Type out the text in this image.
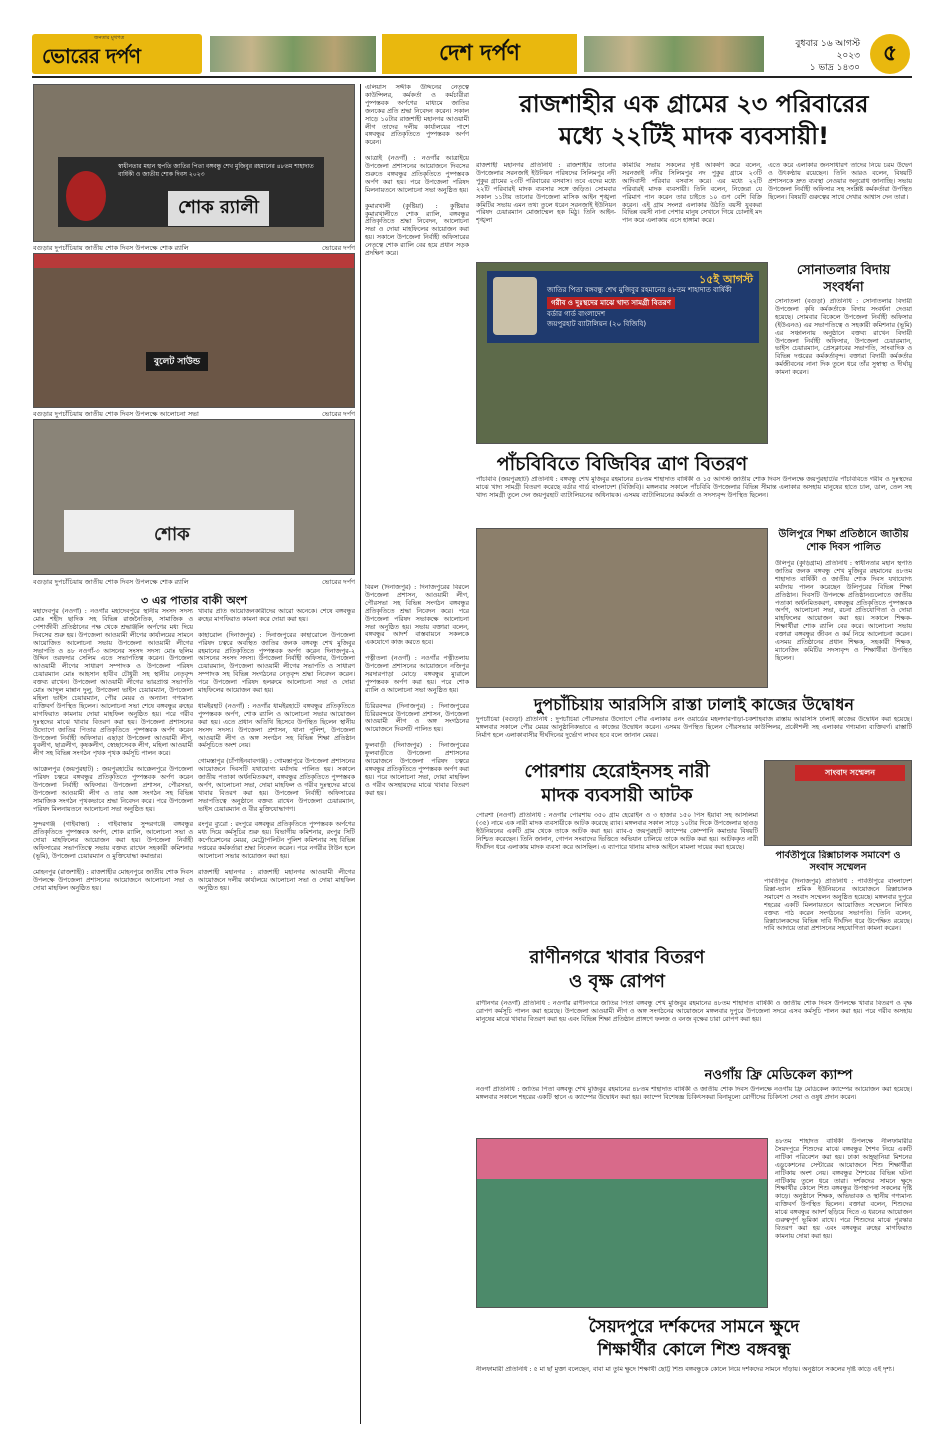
জনতার মুখপত্র
ভোরের দর্পণ	দেশ দর্পণ	বুধবার ১৬ আগস্ট ২০২৩
১ ভাদ্র ১৪৩০
৫
স্বাধীনতার মহান স্থপতি জাতির পিতা বঙ্গবন্ধু শেখ মুজিবুর রহমানের ৪৮তম শাহাদাত বার্ষিকী ও জাতীয় শোক দিবস ২০২৩
শোক র‍্যালী
বগুড়ার দুপচাঁচিয়ায় জাতীয় শোক দিবস উপলক্ষে শোক র‍্যালি	ভোরের দর্পণ
বুলেট সাউন্ড
বগুড়ার দুপচাঁচিয়ায় জাতীয় শোক দিবস উপলক্ষে আলোচনা সভা	ভোরের দর্পণ
শোক
বগুড়ার দুপচাঁচিয়ায় জাতীয় শোক দিবস উপলক্ষে শোক র‍্যালি	ভোরের দর্পণ
৩ এর পাতার বাকী অংশ
মহাদেবপুর (নওগাঁ) : নওগাঁর মহাদেবপুরে স্থানীয় সংসদ সদস্য মোঃ শহীদ ছাদিক সহ বিভিন্ন রাজনৈতিক, সামাজিক ও পেশাজীবী প্রতিষ্ঠানের পক্ষ থেকে শ্রদ্ধাঞ্জলি অর্পণের মধ্য দিয়ে দিবসের শুরু হয়। উপজেলা আওয়ামী লীগের কার্যালয়ের সামনে আয়োজিত আলোচনা সভায় উপজেলা আওয়ামী লীগের সভাপতি ও ৪৮ নওগাঁ-৩ আসনের সংসদ সদস্য মোঃ ছলিম উদ্দিন তরফদার সেলিম এতে সভাপতিত্ব করেন। উপজেলা আওয়ামী লীগের সাধারণ সম্পাদক ও উপজেলা পরিষদ চেয়ারম্যান মোঃ আহসান হাবীব চৌধুরী সহ স্থানীয় নেতৃবৃন্দ বক্তব্য রাখেন। উপজেলা আওয়ামী লীগের ভারপ্রাপ্ত সভাপতি মোঃ আব্দুল মান্নান দুলু, উপজেলা ভাইস চেয়ারম্যান, উপজেলা মহিলা ভাইস চেয়ারম্যান, পৌর মেয়র ও অন্যান্য গণ্যমান্য ব্যক্তিবর্গ উপস্থিত ছিলেন। আলোচনা সভা শেষে বঙ্গবন্ধুর রুহের মাগফিরাত কামনায় দোয়া মাহফিল অনুষ্ঠিত হয়। পরে গরীব দুঃস্থদের মাঝে খাবার বিতরণ করা হয়। উপজেলা প্রশাসনের উদ্যোগে জাতির পিতার প্রতিকৃতিতে পুষ্পস্তবক অর্পণ করেন উপজেলা নির্বাহী অফিসার। এছাড়া উপজেলা আওয়ামী লীগ, যুবলীগ, ছাত্রলীগ, কৃষকলীগ, স্বেচ্ছাসেবক লীগ, মহিলা আওয়ামী লীগ সহ বিভিন্ন সংগঠন পৃথক পৃথক কর্মসূচি পালন করে।

আক্কেলপুর (জয়পুরহাট) : জয়পুরহাটের আক্কেলপুরে উপজেলা পরিষদ চত্বরে বঙ্গবন্ধুর প্রতিকৃতিতে পুষ্পস্তবক অর্পণ করেন উপজেলা নির্বাহী অফিসার। উপজেলা প্রশাসন, পৌরসভা, উপজেলা আওয়ামী লীগ ও তার অঙ্গ সংগঠন সহ বিভিন্ন সামাজিক সংগঠন পৃথকভাবে শ্রদ্ধা নিবেদন করে। পরে উপজেলা পরিষদ মিলনায়তনে আলোচনা সভা অনুষ্ঠিত হয়।

সুন্দরগঞ্জ (গাইবান্ধা) : গাইবান্ধার সুন্দরগঞ্জে বঙ্গবন্ধুর প্রতিকৃতিতে পুষ্পস্তবক অর্পণ, শোক র‍্যালি, আলোচনা সভা ও দোয়া মাহফিলের আয়োজন করা হয়। উপজেলা নির্বাহী অফিসারের সভাপতিত্বে সভায় বক্তব্য রাখেন সহকারী কমিশনার (ভূমি), উপজেলা চেয়ারম্যান ও মুক্তিযোদ্ধা কমান্ডার।

মোহনপুর (রাজশাহী) : রাজশাহীর মোহনপুরে জাতীয় শোক দিবস উপলক্ষে উপজেলা প্রশাসনের আয়োজনে আলোচনা সভা ও দোয়া মাহফিল অনুষ্ঠিত হয়।
খাবার প্রতি আয়োজনকারীদের আরো অনেকে। শেষে বঙ্গবন্ধুর রুহের মাগফিরাত কামনা করে দোয়া করা হয়।

কাহারোল (দিনাজপুর) : দিনাজপুরের কাহারোলে উপজেলা পরিষদ চত্বরে অবস্থিত জাতির জনক বঙ্গবন্ধু শেখ মুজিবুর রহমানের প্রতিকৃতিতে পুষ্পস্তবক অর্পণ করেন দিনাজপুর-২ আসনের সংসদ সদস্য। উপজেলা নির্বাহী অফিসার, উপজেলা চেয়ারম্যান, উপজেলা আওয়ামী লীগের সভাপতি ও সাধারণ সম্পাদক সহ বিভিন্ন সংগঠনের নেতৃবৃন্দ শ্রদ্ধা নিবেদন করেন। পরে উপজেলা পরিষদ হলরুমে আলোচনা সভা ও দোয়া মাহফিলের আয়োজন করা হয়।

ধামইরহাট (নওগাঁ) : নওগাঁর ধামইরহাটে বঙ্গবন্ধুর প্রতিকৃতিতে পুষ্পস্তবক অর্পণ, শোক র‍্যালি ও আলোচনা সভার আয়োজন করা হয়। এতে প্রধান অতিথি হিসেবে উপস্থিত ছিলেন স্থানীয় সংসদ সদস্য। উপজেলা প্রশাসন, থানা পুলিশ, উপজেলা আওয়ামী লীগ ও অঙ্গ সংগঠন সহ বিভিন্ন শিক্ষা প্রতিষ্ঠান কর্মসূচিতে অংশ নেয়।

গোমস্তাপুর (চাঁপাইনবাবগঞ্জ) : গোমস্তাপুরে উপজেলা প্রশাসনের আয়োজনে দিবসটি যথাযোগ্য মর্যাদায় পালিত হয়। সকালে জাতীয় পতাকা অর্ধনমিতকরণ, বঙ্গবন্ধুর প্রতিকৃতিতে পুষ্পস্তবক অর্পণ, আলোচনা সভা, দোয়া মাহফিল ও গরীব দুঃস্থদের মাঝে খাবার বিতরণ করা হয়। উপজেলা নির্বাহী অফিসারের সভাপতিত্বে অনুষ্ঠানে বক্তব্য রাখেন উপজেলা চেয়ারম্যান, ভাইস চেয়ারম্যান ও বীর মুক্তিযোদ্ধাগণ।

রংপুর ব্যুরো : রংপুরে বঙ্গবন্ধুর প্রতিকৃতিতে পুষ্পস্তবক অর্পণের মধ্য দিয়ে কর্মসূচির শুরু হয়। বিভাগীয় কমিশনার, রংপুর সিটি কর্পোরেশনের মেয়র, মেট্রোপলিটন পুলিশ কমিশনার সহ বিভিন্ন দপ্তরের কর্মকর্তারা শ্রদ্ধা নিবেদন করেন। পরে নগরীর টাউন হলে আলোচনা সভার আয়োজন করা হয়।

রাজশাহী মহানগর : রাজশাহী মহানগর আওয়ামী লীগের আয়োজনে দলীয় কার্যালয়ে আলোচনা সভা ও দোয়া মাহফিল অনুষ্ঠিত হয়।
এলিয়াস সদ্দীক উদ্দিনের নেতৃত্বে কাউন্সিলর, কর্মকর্তা ও কর্মচারীরা পুষ্পস্তবক অর্পণের মাধ্যমে জাতির জনকের প্রতি শ্রদ্ধা নিবেদন করেন। সকাল সাড়ে ১০টার রাজশাহী মহানগর আওয়ামী লীগ তাদের দলীয় কার্যালয়ের পাশে বঙ্গবন্ধুর প্রতিকৃতিতে পুষ্পস্তবক অর্পণ করেন।

আত্রাই (নওগাঁ) : নওগাঁর আত্রাইয়ে উপজেলা প্রশাসনের আয়োজনে দিবসের শুরুতে বঙ্গবন্ধুর প্রতিকৃতিতে পুষ্পস্তবক অর্পণ করা হয়। পরে উপজেলা পরিষদ মিলনায়তনে আলোচনা সভা অনুষ্ঠিত হয়।

কুমারখালী (কুষ্টিয়া) : কুষ্টিয়ার কুমারখালীতে শোক র‍্যালি, বঙ্গবন্ধুর প্রতিকৃতিতে শ্রদ্ধা নিবেদন, আলোচনা সভা ও দোয়া মাহফিলের আয়োজন করা হয়। সকালে উপজেলা নির্বাহী অফিসারের নেতৃত্বে শোক র‍্যালি বের হয়ে প্রধান সড়ক প্রদক্ষিণ করে।
বিরল (দিনাজপুর) : দিনাজপুরের বিরলে উপজেলা প্রশাসন, আওয়ামী লীগ, পৌরসভা সহ বিভিন্ন সংগঠন বঙ্গবন্ধুর প্রতিকৃতিতে শ্রদ্ধা নিবেদন করে। পরে উপজেলা পরিষদ সভাকক্ষে আলোচনা সভা অনুষ্ঠিত হয়। সভায় বক্তারা বলেন, বঙ্গবন্ধুর আদর্শ বাস্তবায়নে সকলকে একযোগে কাজ করতে হবে।

পত্নীতলা (নওগাঁ) : নওগাঁর পত্নীতলায় উপজেলা প্রশাসনের আয়োজনে নজিপুর সরদারপাড়া মোড়ে বঙ্গবন্ধুর ম্যুরালে পুষ্পস্তবক অর্পণ করা হয়। পরে শোক র‍্যালি ও আলোচনা সভা অনুষ্ঠিত হয়।

চিরিরবন্দর (দিনাজপুর) : দিনাজপুরের চিরিরবন্দরে উপজেলা প্রশাসন, উপজেলা আওয়ামী লীগ ও অঙ্গ সংগঠনের আয়োজনে দিবসটি পালিত হয়।

ফুলবাড়ী (দিনাজপুর) : দিনাজপুরের ফুলবাড়ীতে উপজেলা প্রশাসনের আয়োজনে উপজেলা পরিষদ চত্বরে বঙ্গবন্ধুর প্রতিকৃতিতে পুষ্পস্তবক অর্পণ করা হয়। পরে আলোচনা সভা, দোয়া মাহফিল ও গরীব অসহায়দের মাঝে খাবার বিতরণ করা হয়।
রাজশাহীর এক গ্রামের ২৩ পরিবারের
মধ্যে ২২টিই মাদক ব্যবসায়ী!
রাজশাহী মহানগর প্রতিনিধি : রাজশাহীর তানোর উপজেলার সরনজাই ইউনিয়ন পরিষদের সিলিমপুর নদী পুকুর গ্রামের ২৩টি পরিবারের বসবাস। তবে এদের মধ্যে ২২টি পরিবারই মাদক ব্যবসার সঙ্গে জড়িত। সোমবার সকাল ১১টায় তানোর উপজেলা মাসিক আইন শৃঙ্খলা কমিটির সভায় এমন তথ্য তুলে ধরেন সরনজাই ইউনিয়ন পরিষদ চেয়ারম্যান মোজাম্মেল হক মিঠু। তিনি আইন-শৃঙ্খলা
কমিটির সভায় সকলের দৃষ্টি আকর্ষণ করে বলেন, সরনজাই নদীর সিলিমপুর নদ পুকুর গ্রামে ২৩টি আদিবাসী পরিবার বসবাস করে। এর মধ্যে ২২টি পরিবারই মাদক ব্যবসায়ী। তিনি বলেন, নিজেরা যে পরিমাণ পান করেন তার চাইতে ১০ গুণ বেশি বিক্রি করেন। এই গ্রাম সংলগ্ন এলাকার উঠতি বয়সী যুবকরা বিভিন্ন বয়সী নানা পেশার মানুষ সেখানে গিয়ে চোলাই মদ পান করে এলাকায় এসে হাঙ্গামা করে।
এতে করে এলাকার জনসাধারণ তাদের নিয়ে চরম উদ্বেগ ও উৎকণ্ঠায় রয়েছেন। তিনি আরও বলেন, বিষয়টি প্রশাসনকে দ্রুত ব্যবস্থা নেওয়ার অনুরোধ জানাচ্ছি। সভায় উপজেলা নির্বাহী অফিসার সহ সংশ্লিষ্ট কর্মকর্তারা উপস্থিত ছিলেন। বিষয়টি গুরুত্বের সাথে দেখার আশ্বাস দেন তারা।
১৫ই আগস্ট
জাতির পিতা বঙ্গবন্ধু শেখ মুজিবুর রহমানের ৪৮তম শাহাদাত বার্ষিকী
গরীব ও দুঃস্থদের মাঝে খাদ্য সামগ্রী বিতরণ
বর্ডার গার্ড বাংলাদেশ
জয়পুরহাট ব্যাটালিয়ন (২০ বিজিবি)
পাঁচবিবিতে বিজিবির ত্রাণ বিতরণ
পাঁচবিবি (জয়পুরহাট) প্রতিনিধি : বঙ্গবন্ধু শেখ মুজিবুর রহমানের ৪৮তম শাহাদাত বার্ষিকী ও ১৫ আগস্ট জাতীয় শোক দিবস উপলক্ষে জয়পুরহাটের পাঁচবিবিতে গরীব ও দুঃস্থদের মাঝে খাদ্য সামগ্রী বিতরণ করেছে বর্ডার গার্ড বাংলাদেশ (বিজিবি)। মঙ্গলবার সকালে পাঁচবিবি উপজেলার বিভিন্ন সীমান্ত এলাকার অসহায় মানুষের হাতে চাল, ডাল, তেল সহ খাদ্য সামগ্রী তুলে দেন জয়পুরহাট ব্যাটালিয়নের অধিনায়ক। এসময় ব্যাটালিয়নের কর্মকর্তা ও সদস্যবৃন্দ উপস্থিত ছিলেন।
সোনাতলার বিদায় সংবর্ধনা
সোনাতলা (বগুড়া) প্রতিনিধি : সোনাতলার বিদায়ী উপজেলা কৃষি কর্মকর্তাকে বিদায় সংবর্ধনা দেওয়া হয়েছে। সোমবার বিকেলে উপজেলা নির্বাহী অফিসার (ইউএনও) এর সভাপতিত্বে ও সহকারী কমিশনার (ভূমি) এর সঞ্চালনায় অনুষ্ঠানে বক্তব্য রাখেন বিদায়ী উপজেলা নির্বাহী অফিসার, উপজেলা চেয়ারম্যান, ভাইস চেয়ারম্যান, প্রেসক্লাবের সভাপতি, সাংবাদিক ও বিভিন্ন দপ্তরের কর্মকর্তাবৃন্দ। বক্তারা বিদায়ী কর্মকর্তার কর্মজীবনের নানা দিক তুলে ধরে তাঁর সুস্বাস্থ্য ও দীর্ঘায়ু কামনা করেন।
উলিপুরে শিক্ষা প্রতিষ্ঠানে জাতীয় শোক দিবস পালিত
উলিপুর (কুড়িগ্রাম) প্রতিনিধি : স্বাধীনতার মহান স্থপতি জাতির জনক বঙ্গবন্ধু শেখ মুজিবুর রহমানের ৪৮তম শাহাদাত বার্ষিকী ও জাতীয় শোক দিবস যথাযোগ্য মর্যাদায় পালন করেছেন উলিপুরের বিভিন্ন শিক্ষা প্রতিষ্ঠান। দিবসটি উপলক্ষে প্রতিষ্ঠানগুলোতে জাতীয় পতাকা অর্ধনমিতকরণ, বঙ্গবন্ধুর প্রতিকৃতিতে পুষ্পস্তবক অর্পণ, আলোচনা সভা, রচনা প্রতিযোগিতা ও দোয়া মাহফিলের আয়োজন করা হয়। সকালে শিক্ষক-শিক্ষার্থীরা শোক র‍্যালি বের করে। আলোচনা সভায় বক্তারা বঙ্গবন্ধুর জীবন ও কর্ম নিয়ে আলোচনা করেন। এসময় প্রতিষ্ঠানের প্রধান শিক্ষক, সহকারী শিক্ষক, ম্যানেজিং কমিটির সদস্যবৃন্দ ও শিক্ষার্থীরা উপস্থিত ছিলেন।
দুপচাঁচিয়ায় আরসিসি রাস্তা ঢালাই কাজের উদ্বোধন
দুপচাঁচিয়া (বগুড়া) প্রতিনিধি : দুপচাঁচিয়া পৌরসভার উদ্যোগে পৌর এলাকার ৪নং ওয়ার্ডের মহলদারপাড়া-চকশাহবাজ রাস্তায় আরসিসি ঢালাই কাজের উদ্বোধন করা হয়েছে। মঙ্গলবার সকালে পৌর মেয়র আনুষ্ঠানিকভাবে এ কাজের উদ্বোধন করেন। এসময় উপস্থিত ছিলেন পৌরসভার কাউন্সিলর, প্রকৌশলী সহ এলাকার গণ্যমান্য ব্যক্তিবর্গ। রাস্তাটি নির্মাণ হলে এলাকাবাসীর দীর্ঘদিনের দুর্ভোগ লাঘব হবে বলে জানান মেয়র।
পোরশায় হেরোইনসহ নারী
মাদক ব্যবসায়ী আটক
পোরশা (নওগাঁ) প্রতিনিধি : নওগাঁর পোরশায় ৩৫০ গ্রাম হেরোইন ও ৩ হাজার ১৫০ পিস ইয়াবা সহ আসলিমা (৩৫) নামে এক নারী মাদক ব্যবসায়ীকে আটক করেছে র‍্যাব। মঙ্গলবার সকাল সাড়ে ১০টার দিকে উপজেলার ছাওড় ইউনিয়নের একটি গ্রাম থেকে তাকে আটক করা হয়। র‍্যাব-৫ জয়পুরহাট ক্যাম্পের কোম্পানি কমান্ডার বিষয়টি নিশ্চিত করেছেন। তিনি জানান, গোপন সংবাদের ভিত্তিতে অভিযান চালিয়ে তাকে আটক করা হয়। আটককৃত নারী দীর্ঘদিন ধরে এলাকায় মাদক ব্যবসা করে আসছিল। এ ব্যাপারে থানায় মাদক আইনে মামলা দায়ের করা হয়েছে।
রাণীনগরে খাবার বিতরণ
ও বৃক্ষ রোপণ
সাংবাদ সম্মেলন
পার্বতীপুরে রিক্সাচালক সমাবেশ ও সংবাদ সম্মেলন
পার্বতীপুর (দিনাজপুর) প্রতিনিধি : পার্বতীপুরে বাংলাদেশ রিক্সা-ভ্যান শ্রমিক ইউনিয়নের আয়োজনে রিক্সাচালক সমাবেশ ও সংবাদ সম্মেলন অনুষ্ঠিত হয়েছে। মঙ্গলবার দুপুরে শহরের একটি মিলনায়তনে আয়োজিত সম্মেলনে লিখিত বক্তব্য পাঠ করেন সংগঠনের সভাপতি। তিনি বলেন, রিক্সাচালকদের বিভিন্ন দাবি দীর্ঘদিন ধরে উপেক্ষিত রয়েছে। দাবি আদায়ে তারা প্রশাসনের সহযোগিতা কামনা করেন।
রাণীনগর (নওগাঁ) প্রতিনিধি : নওগাঁর রাণীনগরে জাতির পিতা বঙ্গবন্ধু শেখ মুজিবুর রহমানের ৪৮তম শাহাদাত বার্ষিকী ও জাতীয় শোক দিবস উপলক্ষে খাবার বিতরণ ও বৃক্ষ রোপণ কর্মসূচি পালন করা হয়েছে। উপজেলা আওয়ামী লীগ ও অঙ্গ সংগঠনের আয়োজনে মঙ্গলবার দুপুরে উপজেলা সদরে এসব কর্মসূচি পালন করা হয়। পরে গরীব অসহায় মানুষের মাঝে খাবার বিতরণ করা হয় এবং বিভিন্ন শিক্ষা প্রতিষ্ঠান প্রাঙ্গণে ফলজ ও বনজ বৃক্ষের চারা রোপণ করা হয়।
নওগাঁয় ফ্রি মেডিকেল ক্যাম্প
নওগাঁ প্রতিনিধি : জাতির পিতা বঙ্গবন্ধু শেখ মুজিবুর রহমানের ৪৮তম শাহাদাত বার্ষিকী ও জাতীয় শোক দিবস উপলক্ষে নওগাঁয় ফ্রি মেডিকেল ক্যাম্পের আয়োজন করা হয়েছে। মঙ্গলবার সকালে শহরের একটি স্থানে এ ক্যাম্পের উদ্বোধন করা হয়। ক্যাম্পে বিশেষজ্ঞ চিকিৎসকরা বিনামূল্যে রোগীদের চিকিৎসা সেবা ও ওষুধ প্রদান করেন।
৪৮তম শাহাদত বার্ষিকী উপলক্ষে নীলফামারীর সৈয়দপুরে শিশুদের মাঝে বঙ্গবন্ধুর শৈশব নিয়ে একটি নাটিকা পরিবেশন করা হয়। ঢাকা আহ্ছানিয়া মিশনের এডুকেশনের সেন্টারের আয়োজনে শিশু শিক্ষার্থীরা নাটিকায় অংশ নেয়। বঙ্গবন্ধুর শৈশবের বিভিন্ন ঘটনা নাটিকায় তুলে ধরে তারা। দর্শকদের সামনে ক্ষুদে শিক্ষার্থীর কোলে শিশু বঙ্গবন্ধুর উপস্থাপনা সকলের দৃষ্টি কাড়ে। অনুষ্ঠানে শিক্ষক, অভিভাবক ও স্থানীয় গণ্যমান্য ব্যক্তিবর্গ উপস্থিত ছিলেন। বক্তারা বলেন, শিশুদের মাঝে বঙ্গবন্ধুর আদর্শ ছড়িয়ে দিতে এ ধরনের আয়োজন গুরুত্বপূর্ণ ভূমিকা রাখে। পরে শিশুদের মাঝে পুরস্কার বিতরণ করা হয় এবং বঙ্গবন্ধুর রুহের মাগফিরাত কামনায় দোয়া করা হয়।
সৈয়দপুরে দর্শকদের সামনে ক্ষুদে
শিক্ষার্থীর কোলে শিশু বঙ্গবন্ধু
নীলফামারী প্রতিনিধি : ৫ মা ছাঁ মুক্তা বলেছেন, বাবা মা তুমি ক্ষুদে শিক্ষার্থী ছোট্ট শিশু বঙ্গবন্ধুকে কোলে নিয়ে দর্শকদের সামনে দাঁড়ায়। অনুষ্ঠানে সকলের দৃষ্টি কাড়ে এই দৃশ্য।
